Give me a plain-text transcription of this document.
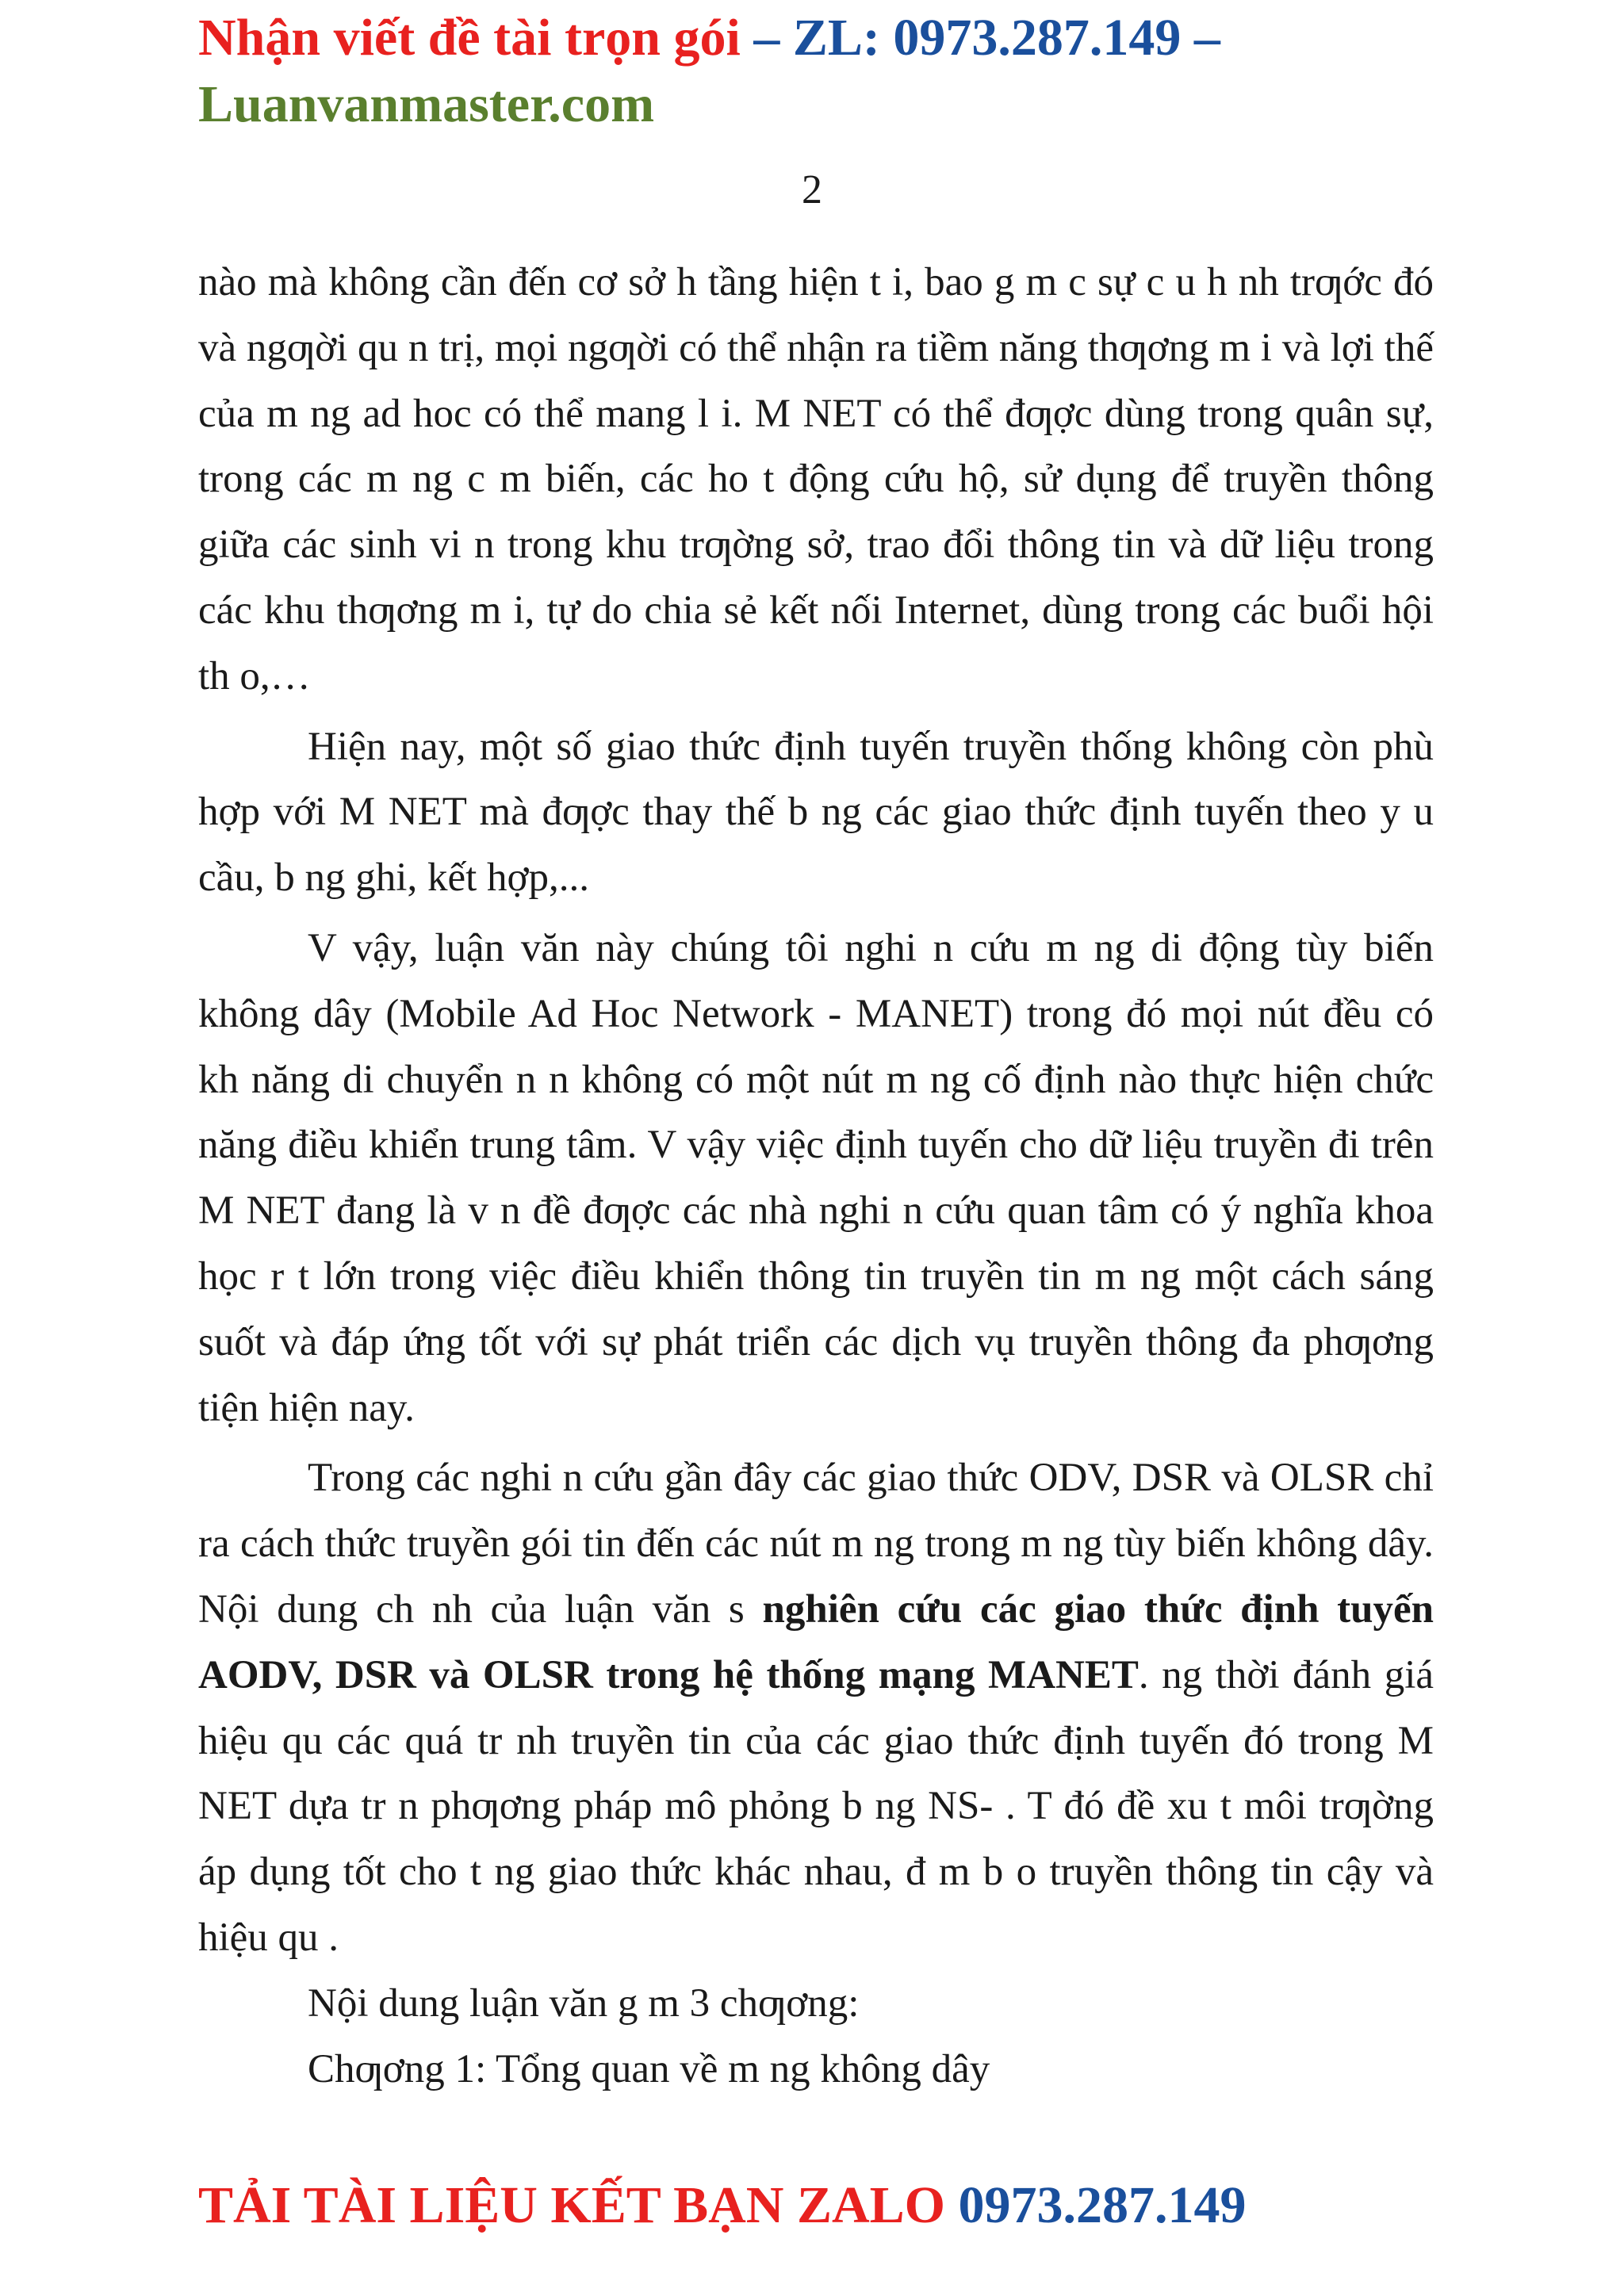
Nhận viết đề tài trọn gói – ZL: 0973.287.149 –
Luanvanmaster.com
2

nào mà không cần đến cơ sở h tầng hiện t i, bao g m c sự c u h nh trƣớc đó và ngƣời qu n trị, mọi ngƣời có thể nhận ra tiềm năng thƣơng m i và lợi thế của m ng ad hoc có thể mang l i. M NET có thể đƣợc dùng trong quân sự, trong các m ng c m biến, các ho t động cứu hộ, sử dụng để truyền thông giữa các sinh vi n trong khu trƣờng sở, trao đổi thông tin và dữ liệu trong các khu thƣơng m i, tự do chia sẻ kết nối Internet, dùng trong các buổi hội th o,…

Hiện nay, một số giao thức định tuyến truyền thống không còn phù hợp với M NET mà đƣợc thay thế b ng các giao thức định tuyến theo y u cầu, b ng ghi, kết hợp,...

V vậy, luận văn này chúng tôi nghi n cứu m ng di động tùy biến không dây (Mobile Ad Hoc Network - MANET) trong đó mọi nút đều có kh năng di chuyển n n không có một nút m ng cố định nào thực hiện chức năng điều khiển trung tâm. V vậy việc định tuyến cho dữ liệu truyền đi trên M NET đang là v n đề đƣợc các nhà nghi n cứu quan tâm có ý nghĩa khoa học r t lớn trong việc điều khiển thông tin truyền tin m ng một cách sáng suốt và đáp ứng tốt với sự phát triển các dịch vụ truyền thông đa phƣơng tiện hiện nay.

Trong các nghi n cứu gần đây các giao thức ODV, DSR và OLSR chỉ ra cách thức truyền gói tin đến các nút m ng trong m ng tùy biến không dây. Nội dung ch nh của luận văn s nghiên cứu các giao thức định tuyến AODV, DSR và OLSR trong hệ thống mạng MANET. ng thời đánh giá hiệu qu các quá tr nh truyền tin của các giao thức định tuyến đó trong M NET dựa tr n phƣơng pháp mô phỏng b ng NS- . T đó đề xu t môi trƣờng áp dụng tốt cho t ng giao thức khác nhau, đ m b o truyền thông tin cậy và hiệu qu .

Nội dung luận văn g m 3 chƣơng:

Chƣơng 1: Tổng quan về m ng không dây

TẢI TÀI LIỆU KẾT BẠN ZALO 0973.287.149
